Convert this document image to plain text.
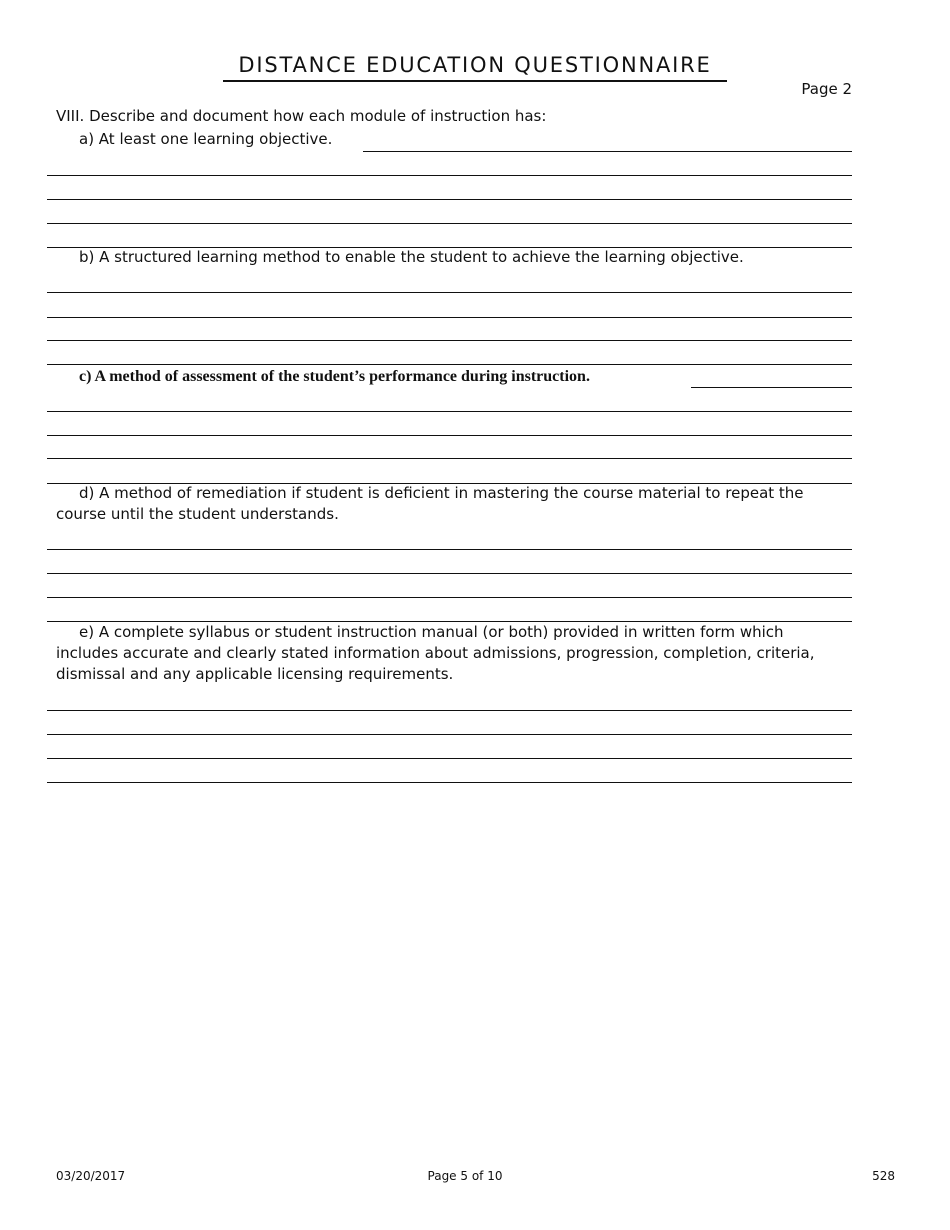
DISTANCE EDUCATION QUESTIONNAIRE
Page 2
VIII. Describe and document how each module of instruction has:
a) At least one learning objective.
b) A structured learning method to enable the student to achieve the learning objective.
c) A method of assessment of the student’s performance during instruction.
d) A method of remediation if student is deficient in mastering the course material to repeat the course until the student understands.
e) A complete syllabus or student instruction manual (or both) provided in written form which includes accurate and clearly stated information about admissions, progression, completion, criteria, dismissal and any applicable licensing requirements.
03/20/2017	Page 5 of 10	528
